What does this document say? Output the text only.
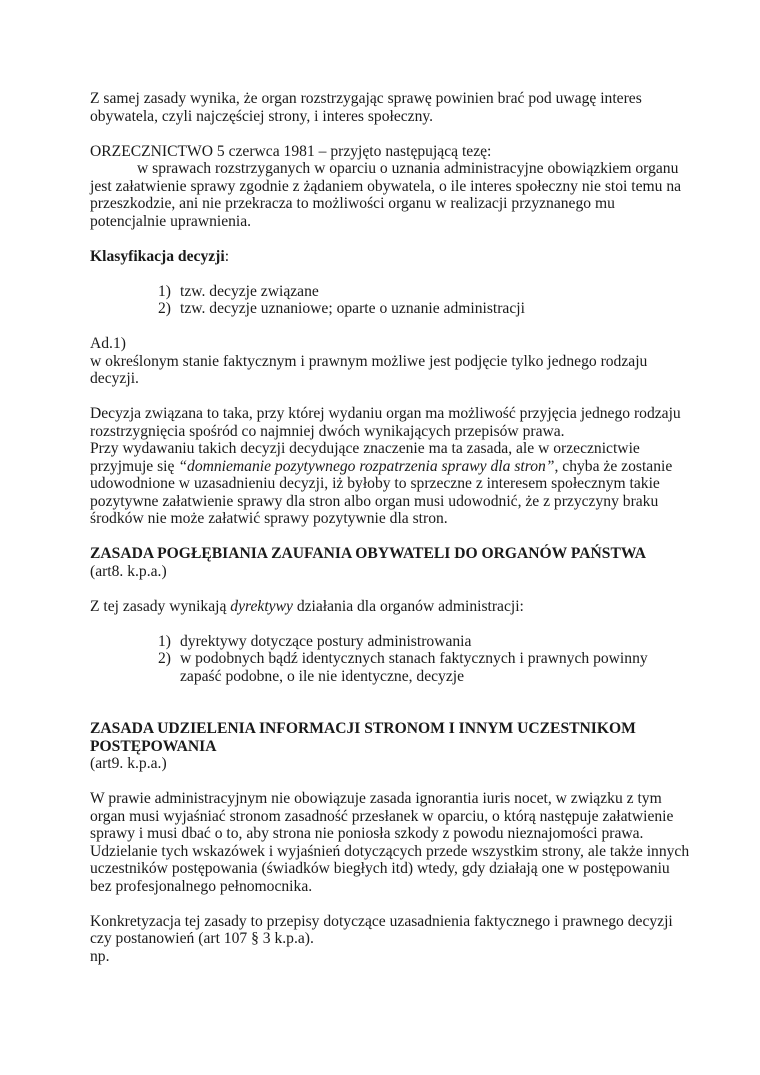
Z samej zasady wynika, że organ rozstrzygając sprawę powinien brać pod uwagę interes obywatela, czyli najczęściej strony, i interes społeczny.

ORZECZNICTWO 5 czerwca 1981 – przyjęto następującą tezę:

w sprawach rozstrzyganych w oparciu o uznania administracyjne obowiązkiem organu

jest załatwienie sprawy zgodnie z żądaniem obywatela, o ile interes społeczny nie stoi temu na przeszkodzie, ani nie przekracza to możliwości organu w realizacji przyznanego mu potencjalnie uprawnienia.

Klasyfikacja decyzji:

1) tzw. decyzje związane
2) tzw. decyzje uznaniowe; oparte o uznanie administracji

Ad.1)

w określonym stanie faktycznym i prawnym możliwe jest podjęcie tylko jednego rodzaju decyzji.

Decyzja związana to taka, przy której wydaniu organ ma możliwość przyjęcia jednego rodzaju rozstrzygnięcia spośród co najmniej dwóch wynikających przepisów prawa.

Przy wydawaniu takich decyzji decydujące znaczenie ma ta zasada, ale w orzecznictwie przyjmuje się “domniemanie pozytywnego rozpatrzenia sprawy dla stron”, chyba że zostanie udowodnione w uzasadnieniu decyzji, iż byłoby to sprzeczne z interesem społecznym takie pozytywne załatwienie sprawy dla stron albo organ musi udowodnić, że z przyczyny braku środków nie może załatwić sprawy pozytywnie dla stron.

ZASADA POGŁĘBIANIA ZAUFANIA OBYWATELI DO ORGANÓW PAŃSTWA

(art8. k.p.a.)

Z tej zasady wynikają dyrektywy działania dla organów administracji:

1) dyrektywy dotyczące postury administrowania
2) w podobnych bądź identycznych stanach faktycznych i prawnych powinny zapaść podobne, o ile nie identyczne, decyzje

ZASADA UDZIELENIA INFORMACJI STRONOM I INNYM UCZESTNIKOM POSTĘPOWANIA

(art9. k.p.a.)

W prawie administracyjnym nie obowiązuje zasada ignorantia iuris nocet, w związku z tym organ musi wyjaśniać stronom zasadność przesłanek w oparciu, o którą następuje załatwienie sprawy i musi dbać o to, aby strona nie poniosła szkody z powodu nieznajomości prawa. Udzielanie tych wskazówek i wyjaśnień dotyczących przede wszystkim strony, ale także innych uczestników postępowania (świadków biegłych itd) wtedy, gdy działają one w postępowaniu bez profesjonalnego pełnomocnika.

Konkretyzacja tej zasady to przepisy dotyczące uzasadnienia faktycznego i prawnego decyzji czy postanowień (art 107 § 3 k.p.a).

np.
